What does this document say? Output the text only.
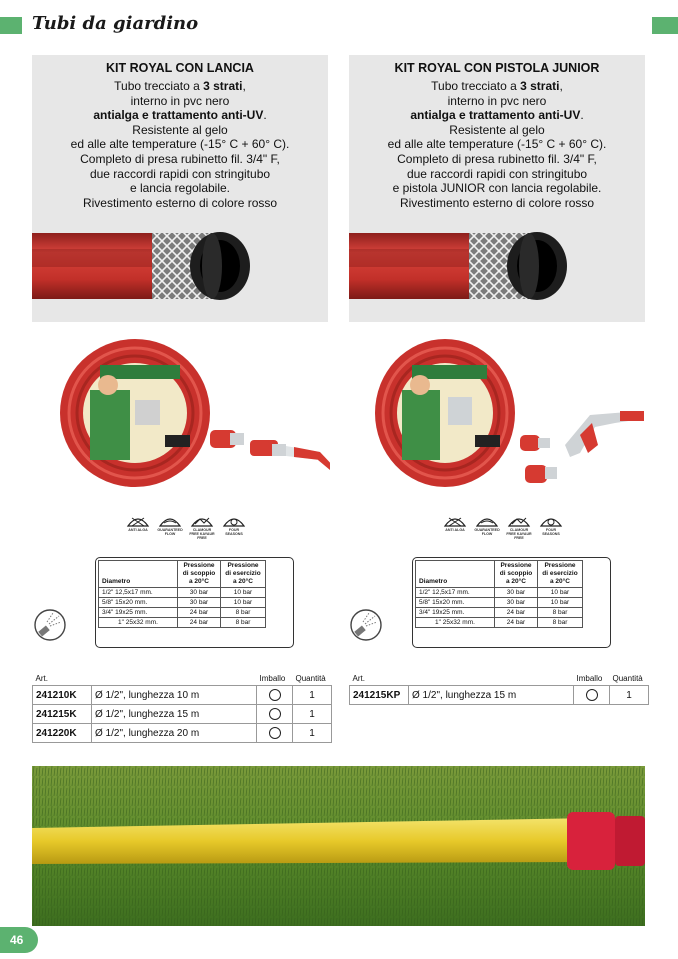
Tubi da giardino
KIT ROYAL CON LANCIA
Tubo trecciato a 3 strati,
interno in pvc nero
antialga e trattamento anti-UV.
Resistente al gelo
ed alle alte temperature (-15° C + 60° C).
Completo di presa rubinetto fil. 3/4" F,
due raccordi rapidi con stringitubo
e lancia regolabile.
Rivestimento esterno di colore rosso
KIT ROYAL CON PISTOLA JUNIOR
Tubo trecciato a 3 strati,
interno in pvc nero
antialga e trattamento anti-UV.
Resistente al gelo
ed alle alte temperature (-15° C + 60° C).
Completo di presa rubinetto fil. 3/4" F,
due raccordi rapidi con stringitubo
e pistola JUNIOR con lancia regolabile.
Rivestimento esterno di colore rosso
ANTI ALGA	GUARANTEED FLOW
CLAMOUR FREE KAYAUR FREE
FOUR SEASONS
ANTI ALGA	GUARANTEED FLOW
CLAMOUR FREE KAYAUR FREE
FOUR SEASONS
Diametro	Pressione di scoppio a 20°C	Pressione di esercizio a 20°C
1/2" 12,5x17 mm.	30 bar	10 bar
5/8" 15x20 mm.	30 bar	10 bar
3/4" 19x25 mm.	24 bar	8 bar
1" 25x32 mm.	24 bar	8 bar
Diametro	Pressione di scoppio a 20°C	Pressione di esercizio a 20°C
1/2" 12,5x17 mm.	30 bar	10 bar
5/8" 15x20 mm.	30 bar	10 bar
3/4" 19x25 mm.	24 bar	8 bar
1" 25x32 mm.	24 bar	8 bar
Art.		Imballo	Quantità
241210K	Ø 1/2", lunghezza 10 m		1
241215K	Ø 1/2", lunghezza 15 m		1
241220K	Ø 1/2", lunghezza 20 m		1
Art.		Imballo	Quantità
241215KP	Ø 1/2", lunghezza 15 m		1
46
